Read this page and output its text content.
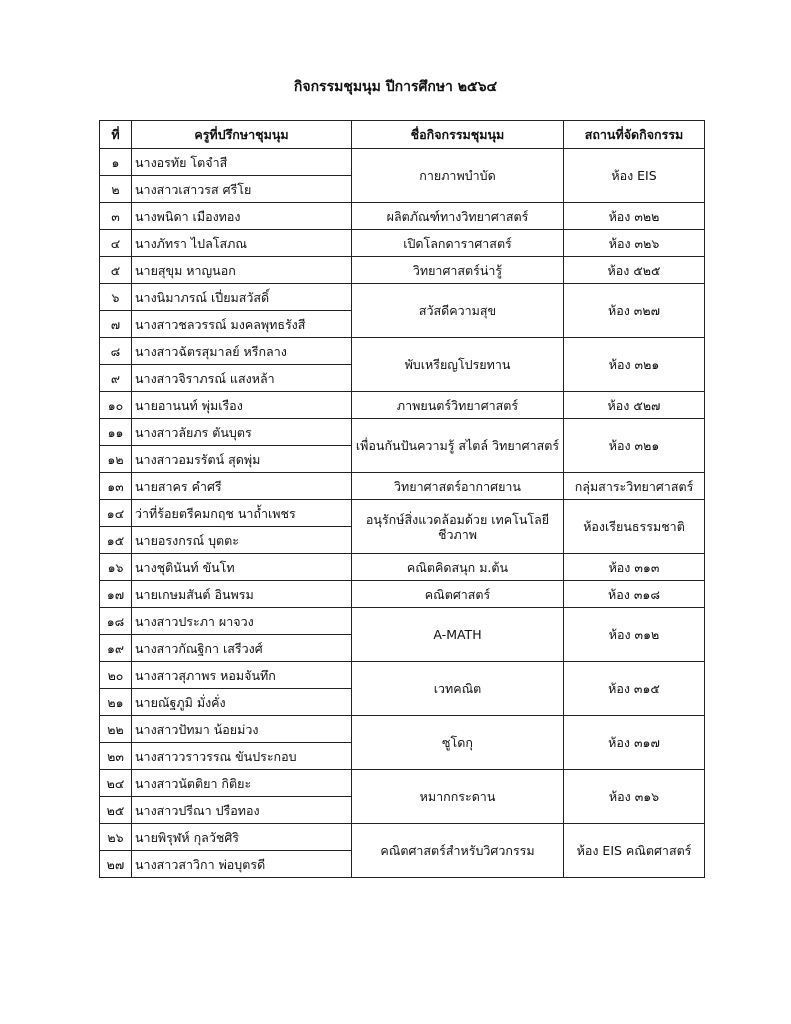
กิจกรรมชุมนุม ปีการศึกษา ๒๕๖๔
ที่	ครูที่ปรึกษาชุมนุม	ชื่อกิจกรรมชุมนุม	สถานที่จัดกิจกรรม
๑	นางอรทัย โตจำสี	กายภาพบำบัด	ห้อง EIS
๒	นางสาวเสาวรส ศรีโย		
๓	นางพนิดา เมืองทอง	ผลิตภัณฑ์ทางวิทยาศาสตร์	ห้อง ๓๒๒
๔	นางภัทรา ไปลโสภณ	เปิดโลกดาราศาสตร์	ห้อง ๓๒๖
๕	นายสุขุม หาญนอก	วิทยาศาสตร์น่ารู้	ห้อง ๕๒๕
๖	นางนิมาภรณ์ เปี่ยมสวัสดิ์	สวัสดีความสุข	ห้อง ๓๒๗
๗	นางสาวชลวรรณ์ มงคลพุทธรังสี		
๘	นางสาวฉัตรสุมาลย์ หรีกลาง	พับเหรียญโปรยทาน	ห้อง ๓๒๑
๙	นางสาวจิราภรณ์ แสงหล้า		
๑๐	นายอานนท์ พุ่มเรือง	ภาพยนตร์วิทยาศาสตร์	ห้อง ๕๒๗
๑๑	นางสาวลัยภร ตันบุตร	เพื่อนกันปันความรู้ สไตล์ วิทยาศาสตร์	ห้อง ๓๒๑
๑๒	นางสาวอมรรัตน์ สุดพุ่ม		
๑๓	นายสาคร คำศรี	วิทยาศาสตร์อากาศยาน	กลุ่มสาระวิทยาศาสตร์
๑๔	ว่าที่ร้อยตรีคมกฤช นาถ้ำเพชร	อนุรักษ์สิ่งแวดล้อมด้วย เทคโนโลยีชีวภาพ	ห้องเรียนธรรมชาติ
๑๕	นายอรงกรณ์ บุตตะ		
๑๖	นางชุตินันท์ ขันโท	คณิตคิดสนุก ม.ต้น	ห้อง ๓๑๓
๑๗	นายเกษมสันต์ อินพรม	คณิตศาสตร์	ห้อง ๓๑๘
๑๘	นางสาวประภา ผาจวง	A-MATH	ห้อง ๓๑๒
๑๙	นางสาวกัณฐิกา เสรีวงศ์		
๒๐	นางสาวสุภาพร หอมจันทึก	เวทคณิต	ห้อง ๓๑๕
๒๑	นายณัฐภูมิ มั่งคั่ง		
๒๒	นางสาวปัทมา น้อยม่วง	ซูโดกุ	ห้อง ๓๑๗
๒๓	นางสาววราวรรณ ขันประกอบ		
๒๔	นางสาวนัตติยา กิติยะ	หมากกระดาน	ห้อง ๓๑๖
๒๕	นางสาวปรีณา ปรือทอง		
๒๖	นายพิรุฬห์ กุลวัชศิริ	คณิตศาสตร์สำหรับวิศวกรรม	ห้อง EIS คณิตศาสตร์
๒๗	นางสาวสาวิกา พ่อบุตรดี		
